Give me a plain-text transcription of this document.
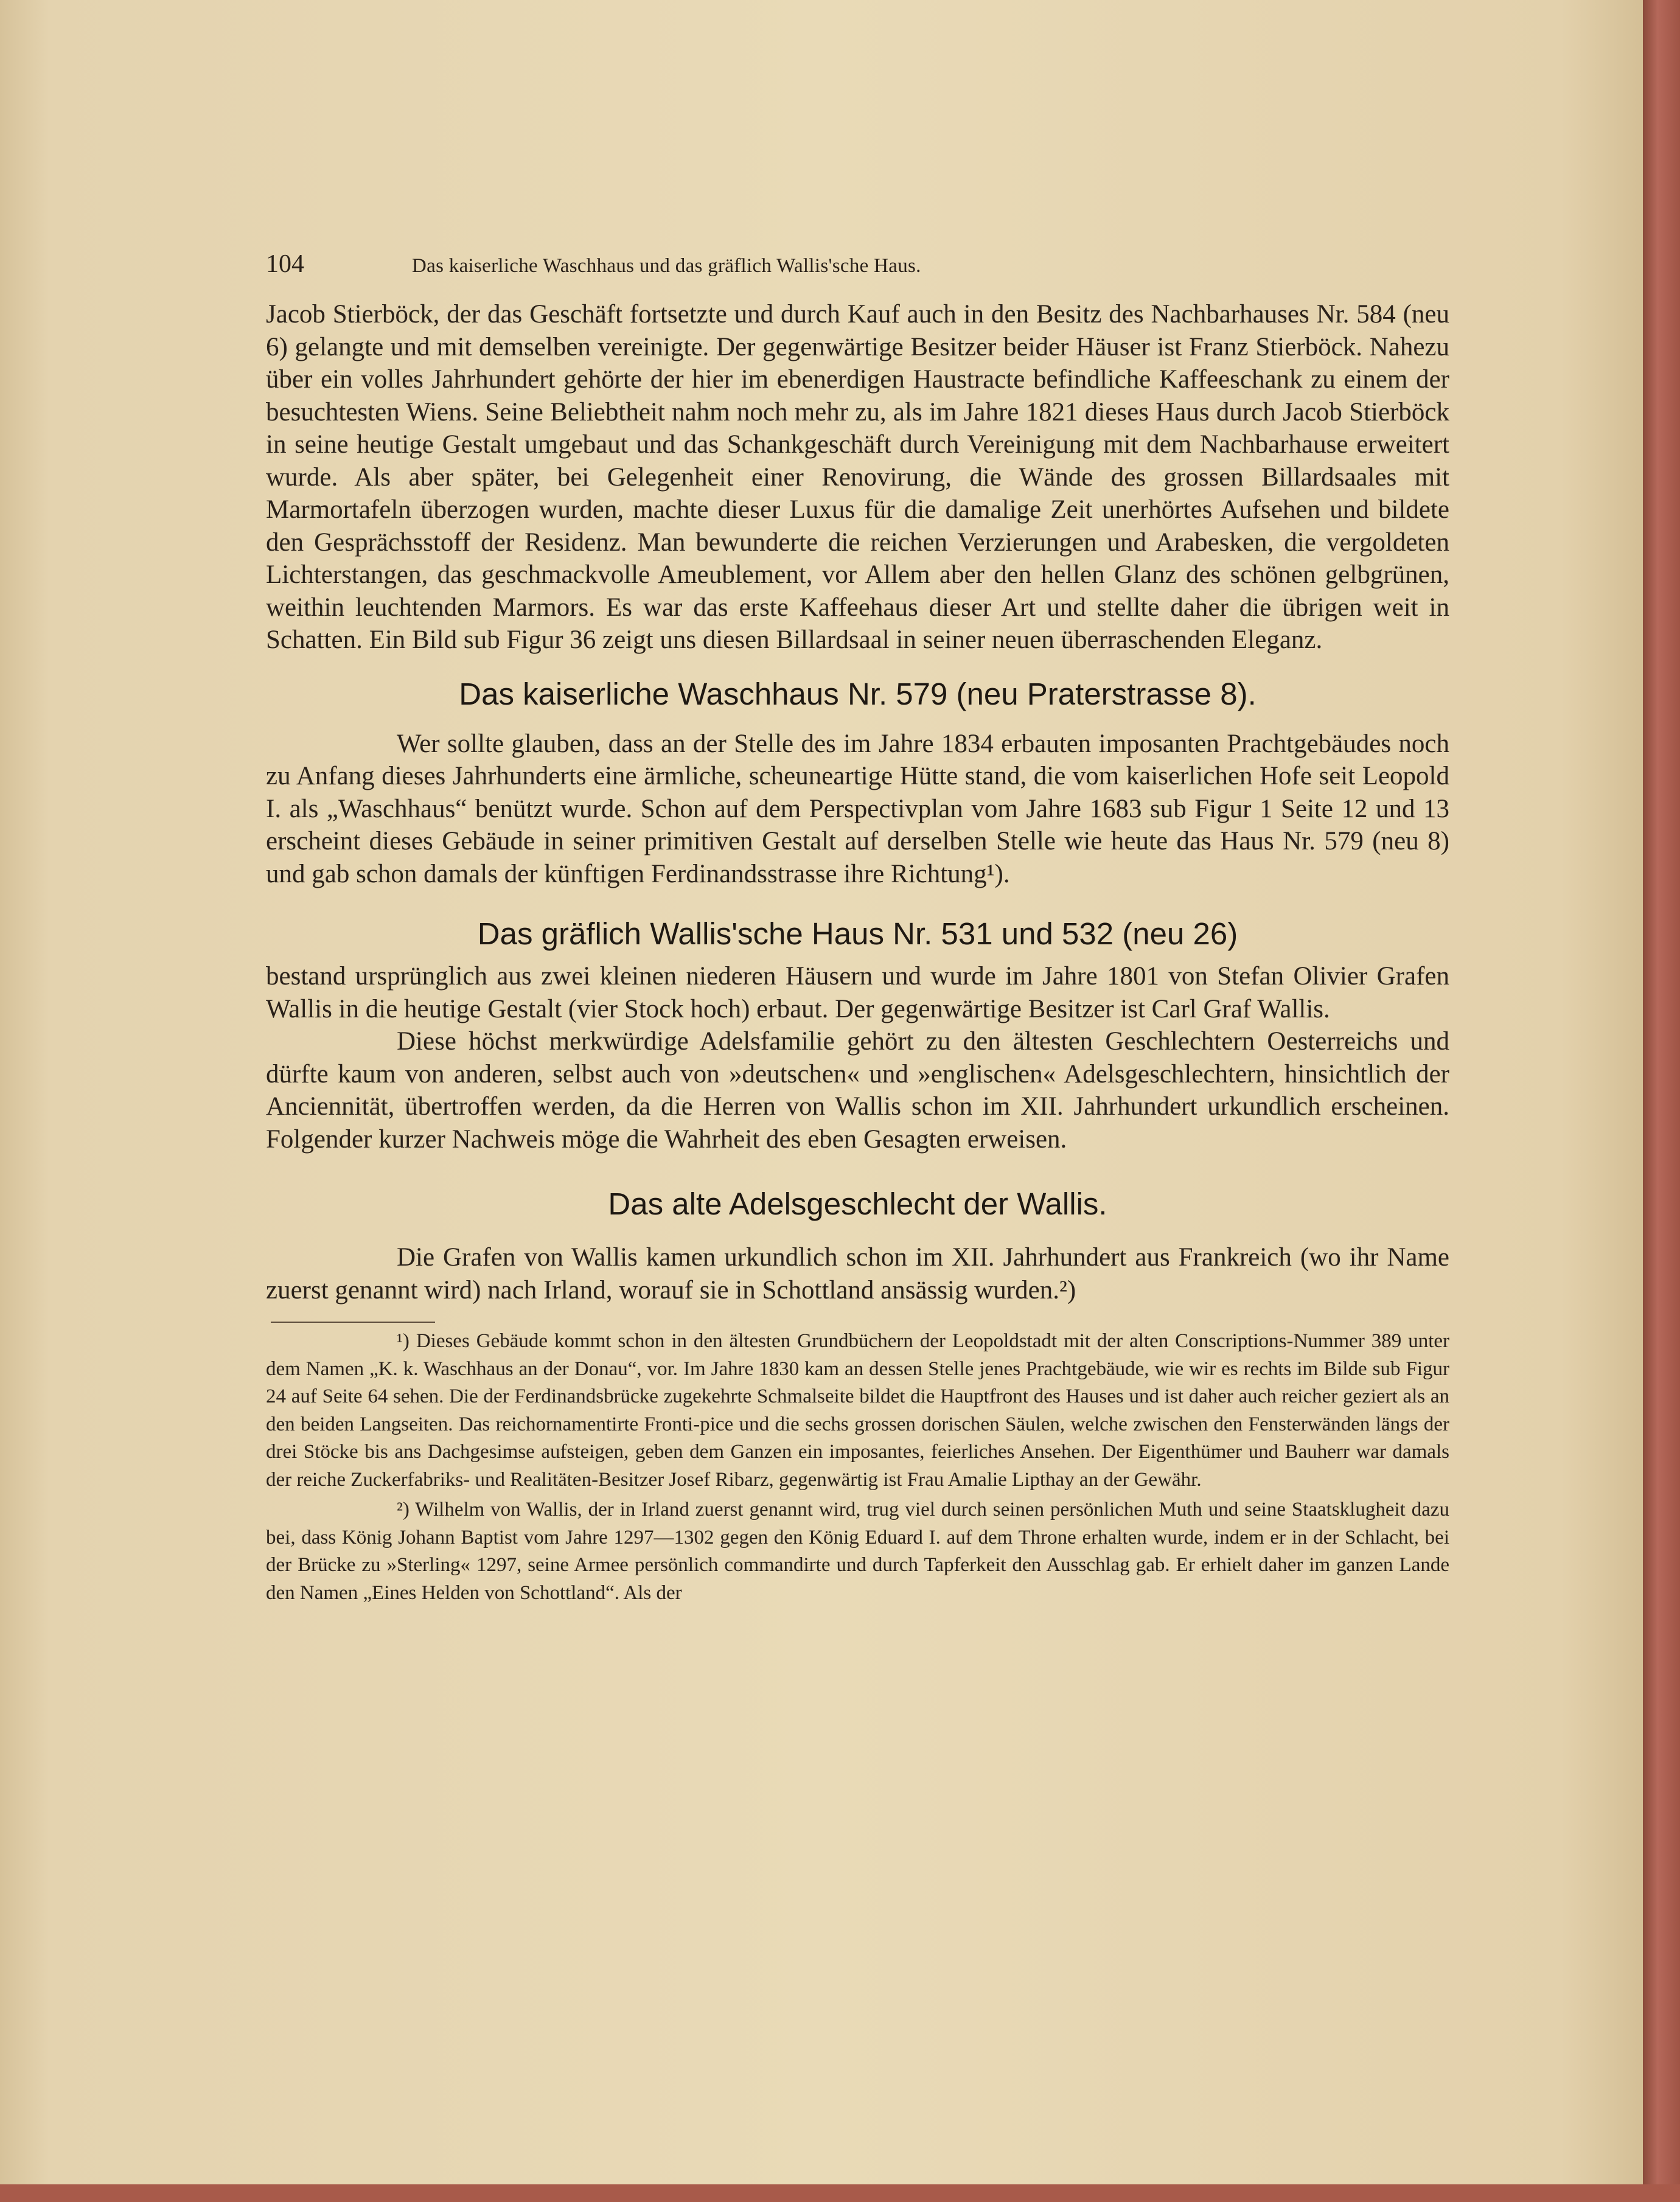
104	Das kaiserliche Waschhaus und das gräflich Wallis'sche Haus.

Jacob Stierböck, der das Geschäft fortsetzte und durch Kauf auch in den Besitz des Nachbarhauses Nr. 584 (neu 6) gelangte und mit demselben vereinigte. Der gegenwärtige Besitzer beider Häuser ist Franz Stierböck. Nahezu über ein volles Jahrhundert gehörte der hier im ebenerdigen Haustracte befindliche Kaffeeschank zu einem der besuchtesten Wiens. Seine Beliebtheit nahm noch mehr zu, als im Jahre 1821 dieses Haus durch Jacob Stierböck in seine heutige Gestalt umgebaut und das Schankgeschäft durch Vereinigung mit dem Nachbarhause erweitert wurde. Als aber später, bei Gelegenheit einer Renovirung, die Wände des grossen Billardsaales mit Marmortafeln überzogen wurden, machte dieser Luxus für die damalige Zeit unerhörtes Aufsehen und bildete den Gesprächsstoff der Residenz. Man bewunderte die reichen Verzierungen und Arabesken, die vergoldeten Lichterstangen, das geschmackvolle Ameublement, vor Allem aber den hellen Glanz des schönen gelbgrünen, weithin leuchtenden Marmors. Es war das erste Kaffeehaus dieser Art und stellte daher die übrigen weit in Schatten. Ein Bild sub Figur 36 zeigt uns diesen Billardsaal in seiner neuen überraschenden Eleganz.

Das kaiserliche Waschhaus Nr. 579 (neu Praterstrasse 8).

Wer sollte glauben, dass an der Stelle des im Jahre 1834 erbauten imposanten Prachtgebäudes noch zu Anfang dieses Jahrhunderts eine ärmliche, scheuneartige Hütte stand, die vom kaiserlichen Hofe seit Leopold I. als „Waschhaus“ benützt wurde. Schon auf dem Perspectivplan vom Jahre 1683 sub Figur 1 Seite 12 und 13 erscheint dieses Gebäude in seiner primitiven Gestalt auf derselben Stelle wie heute das Haus Nr. 579 (neu 8) und gab schon damals der künftigen Ferdinandsstrasse ihre Richtung¹).

Das gräflich Wallis'sche Haus Nr. 531 und 532 (neu 26)

bestand ursprünglich aus zwei kleinen niederen Häusern und wurde im Jahre 1801 von Stefan Olivier Grafen Wallis in die heutige Gestalt (vier Stock hoch) erbaut. Der gegenwärtige Besitzer ist Carl Graf Wallis.

Diese höchst merkwürdige Adelsfamilie gehört zu den ältesten Geschlechtern Oesterreichs und dürfte kaum von anderen, selbst auch von »deutschen« und »englischen« Adelsgeschlechtern, hinsichtlich der Anciennität, übertroffen werden, da die Herren von Wallis schon im XII. Jahrhundert urkundlich erscheinen. Folgender kurzer Nachweis möge die Wahrheit des eben Gesagten erweisen.

Das alte Adelsgeschlecht der Wallis.

Die Grafen von Wallis kamen urkundlich schon im XII. Jahrhundert aus Frankreich (wo ihr Name zuerst genannt wird) nach Irland, worauf sie in Schottland ansässig wurden.²)

¹) Dieses Gebäude kommt schon in den ältesten Grundbüchern der Leopoldstadt mit der alten Conscriptions-Nummer 389 unter dem Namen „K. k. Waschhaus an der Donau“, vor. Im Jahre 1830 kam an dessen Stelle jenes Prachtgebäude, wie wir es rechts im Bilde sub Figur 24 auf Seite 64 sehen. Die der Ferdinandsbrücke zugekehrte Schmalseite bildet die Hauptfront des Hauses und ist daher auch reicher geziert als an den beiden Langseiten. Das reichornamentirte Fronti-pice und die sechs grossen dorischen Säulen, welche zwischen den Fensterwänden längs der drei Stöcke bis ans Dachgesimse aufsteigen, geben dem Ganzen ein imposantes, feierliches Ansehen. Der Eigenthümer und Bauherr war damals der reiche Zuckerfabriks- und Realitäten-Besitzer Josef Ribarz, gegenwärtig ist Frau Amalie Lipthay an der Gewähr.

²) Wilhelm von Wallis, der in Irland zuerst genannt wird, trug viel durch seinen persönlichen Muth und seine Staatsklugheit dazu bei, dass König Johann Baptist vom Jahre 1297—1302 gegen den König Eduard I. auf dem Throne erhalten wurde, indem er in der Schlacht, bei der Brücke zu »Sterling« 1297, seine Armee persönlich commandirte und durch Tapferkeit den Ausschlag gab. Er erhielt daher im ganzen Lande den Namen „Eines Helden von Schottland“. Als der
